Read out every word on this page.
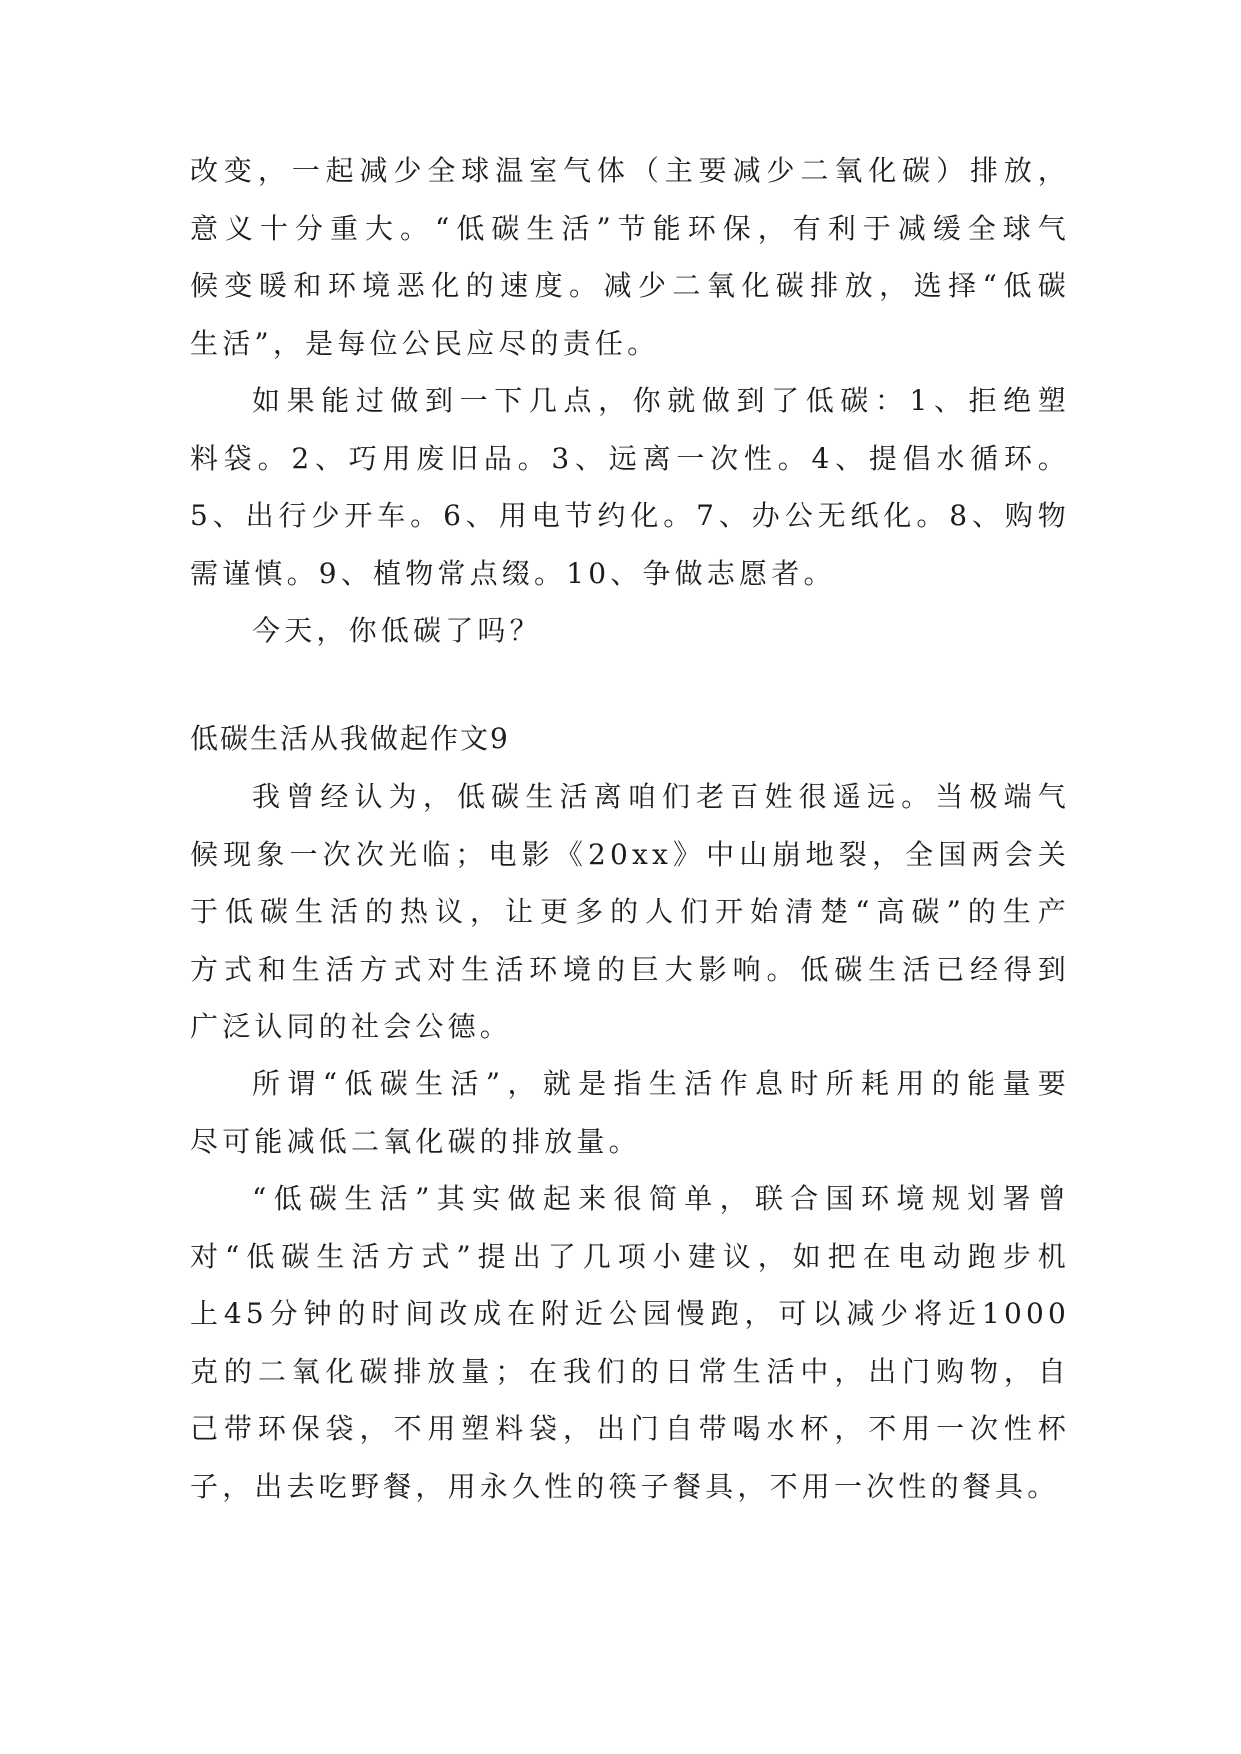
改变，一起减少全球温室气体（主要减少二氧化碳）排放，
意义十分重大。“低碳生活”节能环保，有利于减缓全球气
候变暖和环境恶化的速度。减少二氧化碳排放，选择“低碳
生活”，是每位公民应尽的责任。
如果能过做到一下几点，你就做到了低碳：1、拒绝塑
料袋。2、巧用废旧品。3、远离一次性。4、提倡水循环。
5、出行少开车。6、用电节约化。7、办公无纸化。8、购物
需谨慎。9、植物常点缀。10、争做志愿者。
今天，你低碳了吗？
低碳生活从我做起作文9
我曾经认为，低碳生活离咱们老百姓很遥远。当极端气
候现象一次次光临；电影《20xx》中山崩地裂，全国两会关
于低碳生活的热议，让更多的人们开始清楚“高碳”的生产
方式和生活方式对生活环境的巨大影响。低碳生活已经得到
广泛认同的社会公德。
所谓“低碳生活”，就是指生活作息时所耗用的能量要
尽可能减低二氧化碳的排放量。
“低碳生活”其实做起来很简单，联合国环境规划署曾
对“低碳生活方式”提出了几项小建议，如把在电动跑步机
上45分钟的时间改成在附近公园慢跑，可以减少将近1000
克的二氧化碳排放量；在我们的日常生活中，出门购物，自
己带环保袋，不用塑料袋，出门自带喝水杯，不用一次性杯
子，出去吃野餐，用永久性的筷子餐具，不用一次性的餐具。
